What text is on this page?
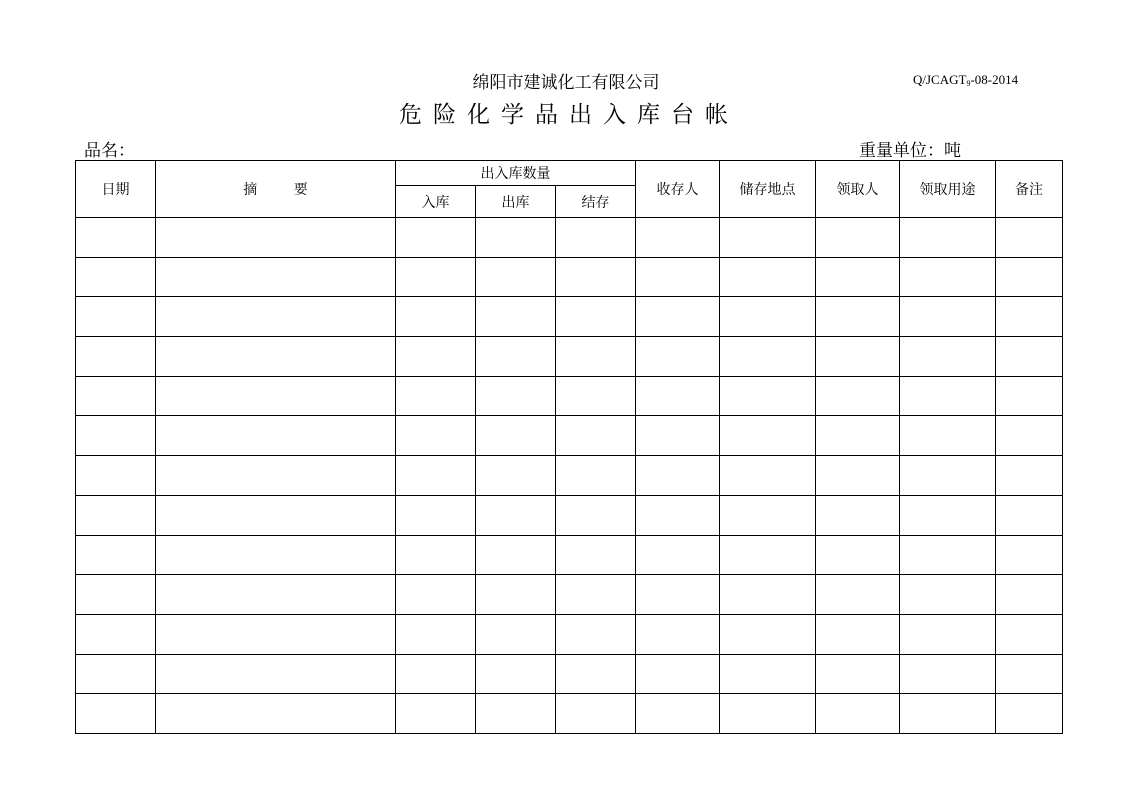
绵阳市建诚化工有限公司	$Q/JCAGT_9-08-2014$
危险化学品出入库台帐
品名：	重量单位：吨
日期	摘 要	出入库数量			收存人	储存地点	领取人	领取用途	备注
		入库	出库	结存					
